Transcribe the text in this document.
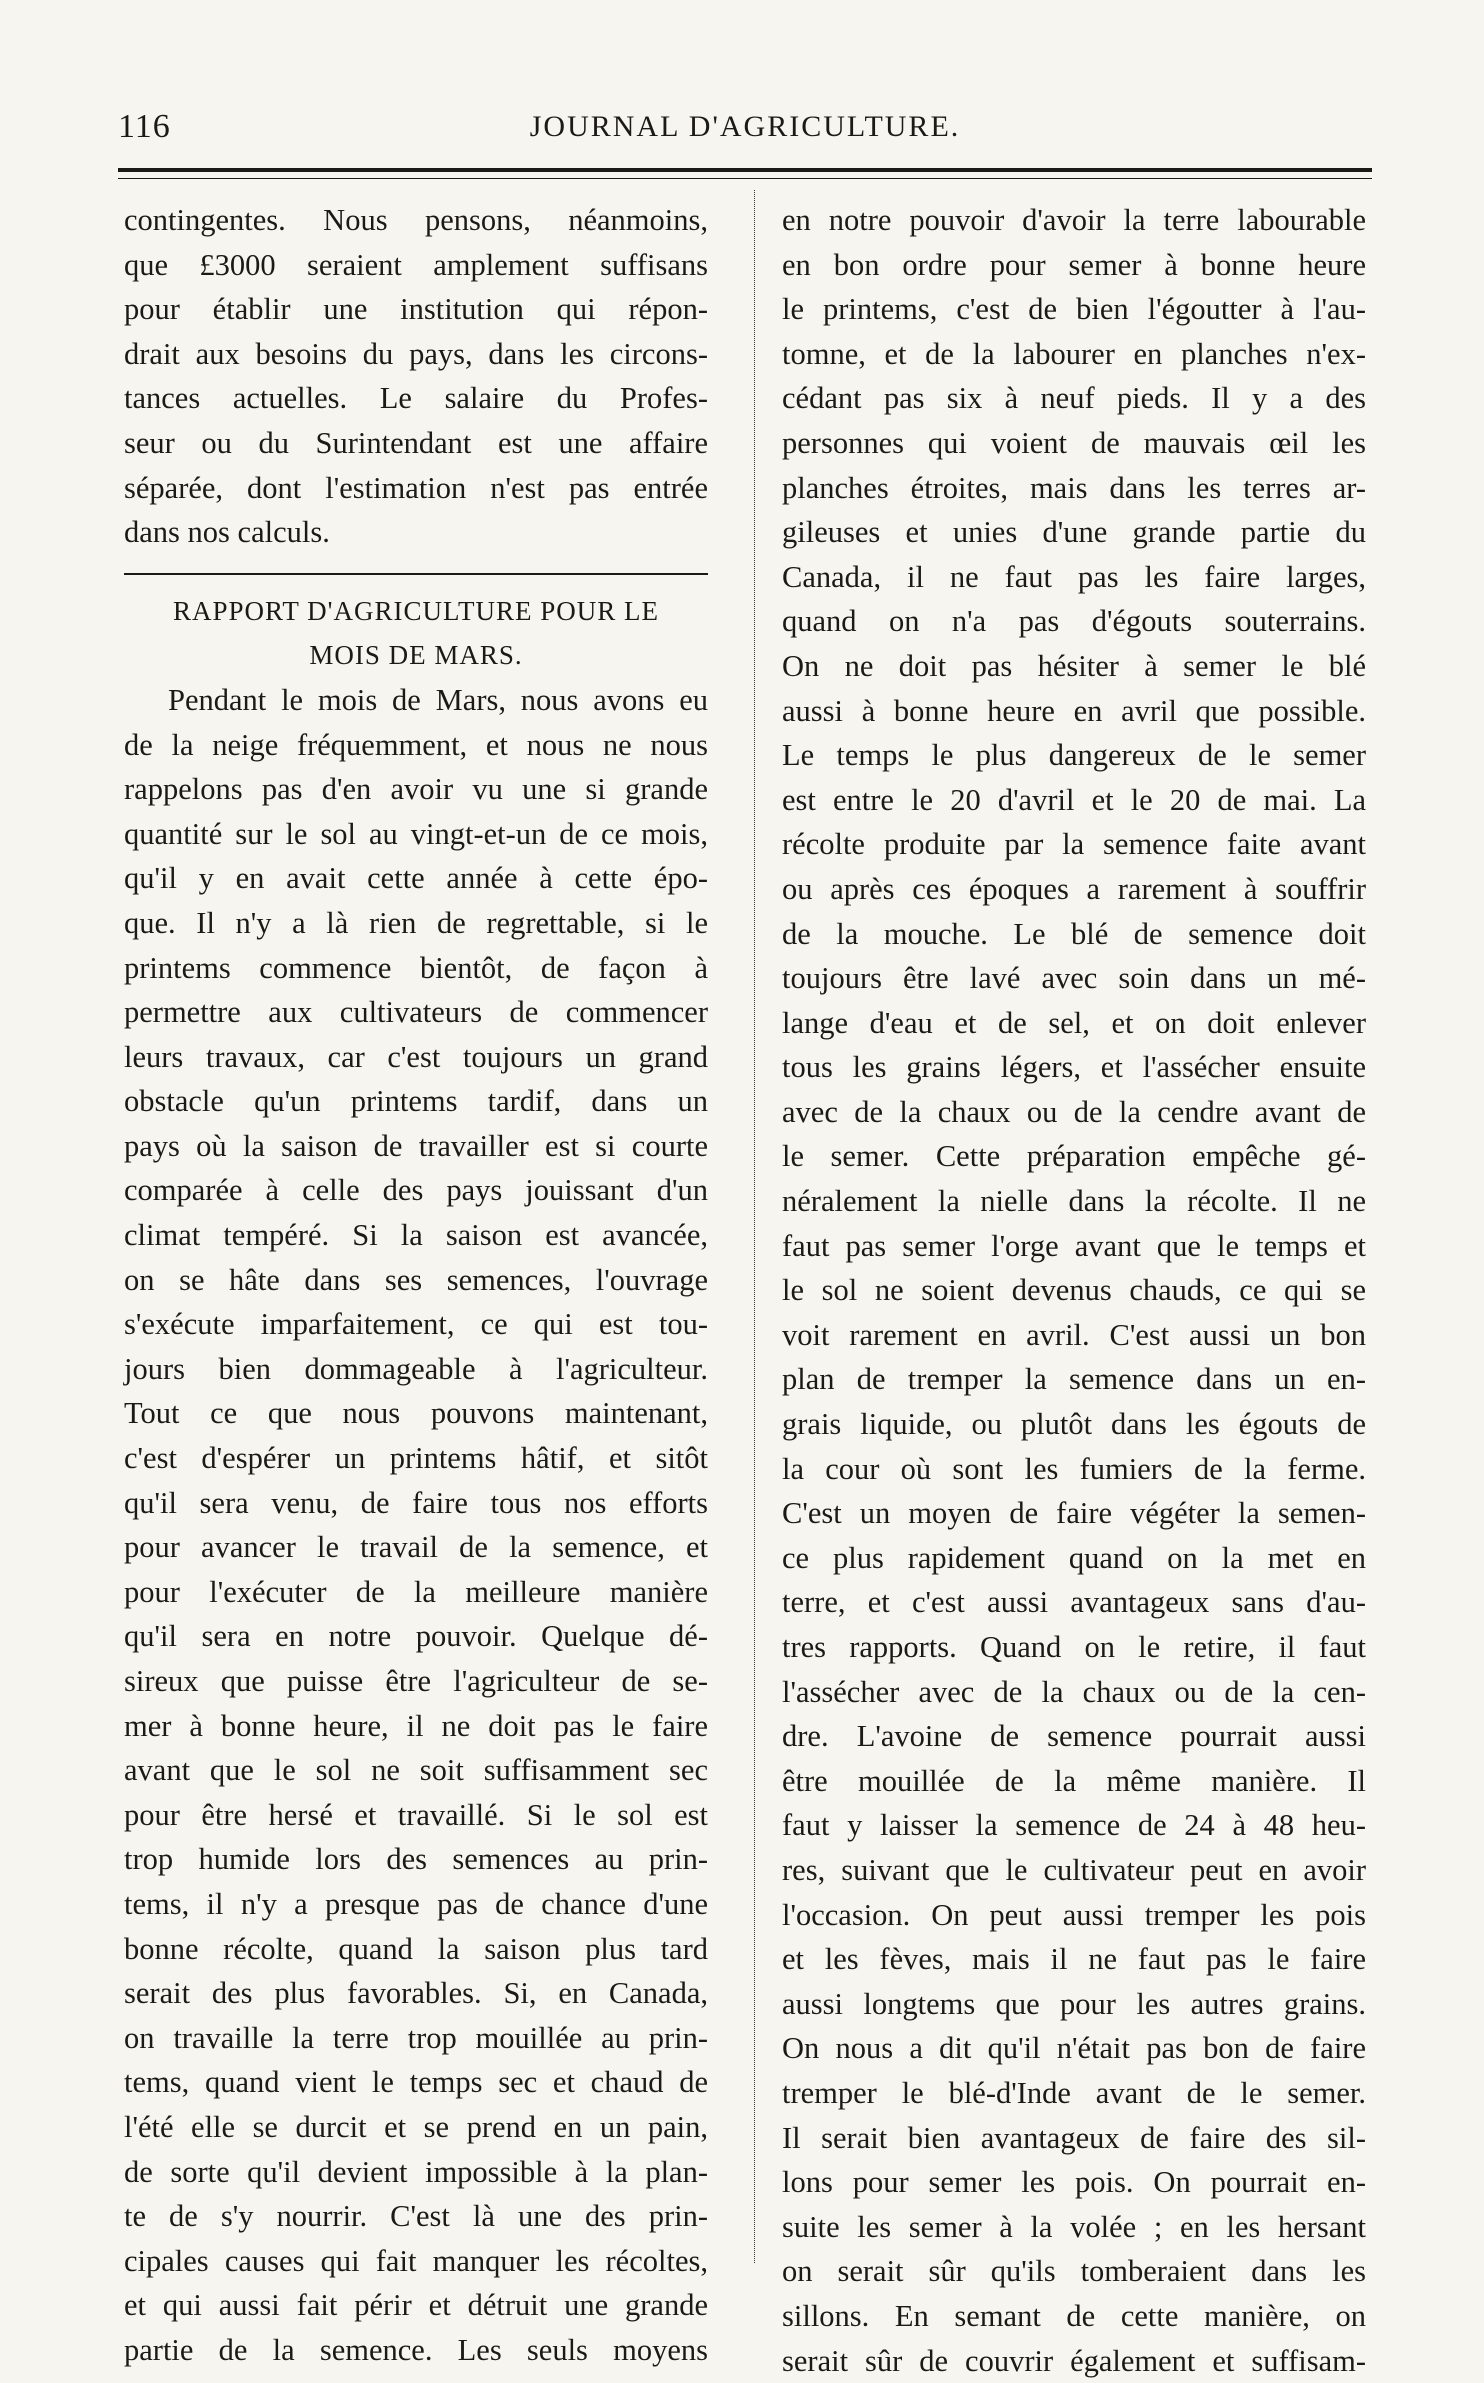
116	JOURNAL D'AGRICULTURE.
contingentes. Nous pensons, néanmoins,
que £3000 seraient amplement suffisans
pour établir une institution qui répon-
drait aux besoins du pays, dans les circons-
tances actuelles. Le salaire du Profes-
seur ou du Surintendant est une affaire
séparée, dont l'estimation n'est pas entrée
dans nos calculs.
RAPPORT D'AGRICULTURE POUR LE
MOIS DE MARS.
Pendant le mois de Mars, nous avons eu
de la neige fréquemment, et nous ne nous
rappelons pas d'en avoir vu une si grande
quantité sur le sol au vingt-et-un de ce mois,
qu'il y en avait cette année à cette épo-
que. Il n'y a là rien de regrettable, si le
printems commence bientôt, de façon à
permettre aux cultivateurs de commencer
leurs travaux, car c'est toujours un grand
obstacle qu'un printems tardif, dans un
pays où la saison de travailler est si courte
comparée à celle des pays jouissant d'un
climat tempéré. Si la saison est avancée,
on se hâte dans ses semences, l'ouvrage
s'exécute imparfaitement, ce qui est tou-
jours bien dommageable à l'agriculteur.
Tout ce que nous pouvons maintenant,
c'est d'espérer un printems hâtif, et sitôt
qu'il sera venu, de faire tous nos efforts
pour avancer le travail de la semence, et
pour l'exécuter de la meilleure manière
qu'il sera en notre pouvoir. Quelque dé-
sireux que puisse être l'agriculteur de se-
mer à bonne heure, il ne doit pas le faire
avant que le sol ne soit suffisamment sec
pour être hersé et travaillé. Si le sol est
trop humide lors des semences au prin-
tems, il n'y a presque pas de chance d'une
bonne récolte, quand la saison plus tard
serait des plus favorables. Si, en Canada,
on travaille la terre trop mouillée au prin-
tems, quand vient le temps sec et chaud de
l'été elle se durcit et se prend en un pain,
de sorte qu'il devient impossible à la plan-
te de s'y nourrir. C'est là une des prin-
cipales causes qui fait manquer les récoltes,
et qui aussi fait périr et détruit une grande
partie de la semence. Les seuls moyens
en notre pouvoir d'avoir la terre labourable
en bon ordre pour semer à bonne heure
le printems, c'est de bien l'égoutter à l'au-
tomne, et de la labourer en planches n'ex-
cédant pas six à neuf pieds. Il y a des
personnes qui voient de mauvais œil les
planches étroites, mais dans les terres ar-
gileuses et unies d'une grande partie du
Canada, il ne faut pas les faire larges,
quand on n'a pas d'égouts souterrains.
On ne doit pas hésiter à semer le blé
aussi à bonne heure en avril que possible.
Le temps le plus dangereux de le semer
est entre le 20 d'avril et le 20 de mai. La
récolte produite par la semence faite avant
ou après ces époques a rarement à souffrir
de la mouche. Le blé de semence doit
toujours être lavé avec soin dans un mé-
lange d'eau et de sel, et on doit enlever
tous les grains légers, et l'assécher ensuite
avec de la chaux ou de la cendre avant de
le semer. Cette préparation empêche gé-
néralement la nielle dans la récolte. Il ne
faut pas semer l'orge avant que le temps et
le sol ne soient devenus chauds, ce qui se
voit rarement en avril. C'est aussi un bon
plan de tremper la semence dans un en-
grais liquide, ou plutôt dans les égouts de
la cour où sont les fumiers de la ferme.
C'est un moyen de faire végéter la semen-
ce plus rapidement quand on la met en
terre, et c'est aussi avantageux sans d'au-
tres rapports. Quand on le retire, il faut
l'assécher avec de la chaux ou de la cen-
dre. L'avoine de semence pourrait aussi
être mouillée de la même manière. Il
faut y laisser la semence de 24 à 48 heu-
res, suivant que le cultivateur peut en avoir
l'occasion. On peut aussi tremper les pois
et les fèves, mais il ne faut pas le faire
aussi longtems que pour les autres grains.
On nous a dit qu'il n'était pas bon de faire
tremper le blé-d'Inde avant de le semer.
Il serait bien avantageux de faire des sil-
lons pour semer les pois. On pourrait en-
suite les semer à la volée ; en les hersant
on serait sûr qu'ils tomberaient dans les
sillons. En semant de cette manière, on
serait sûr de couvrir également et suffisam-
